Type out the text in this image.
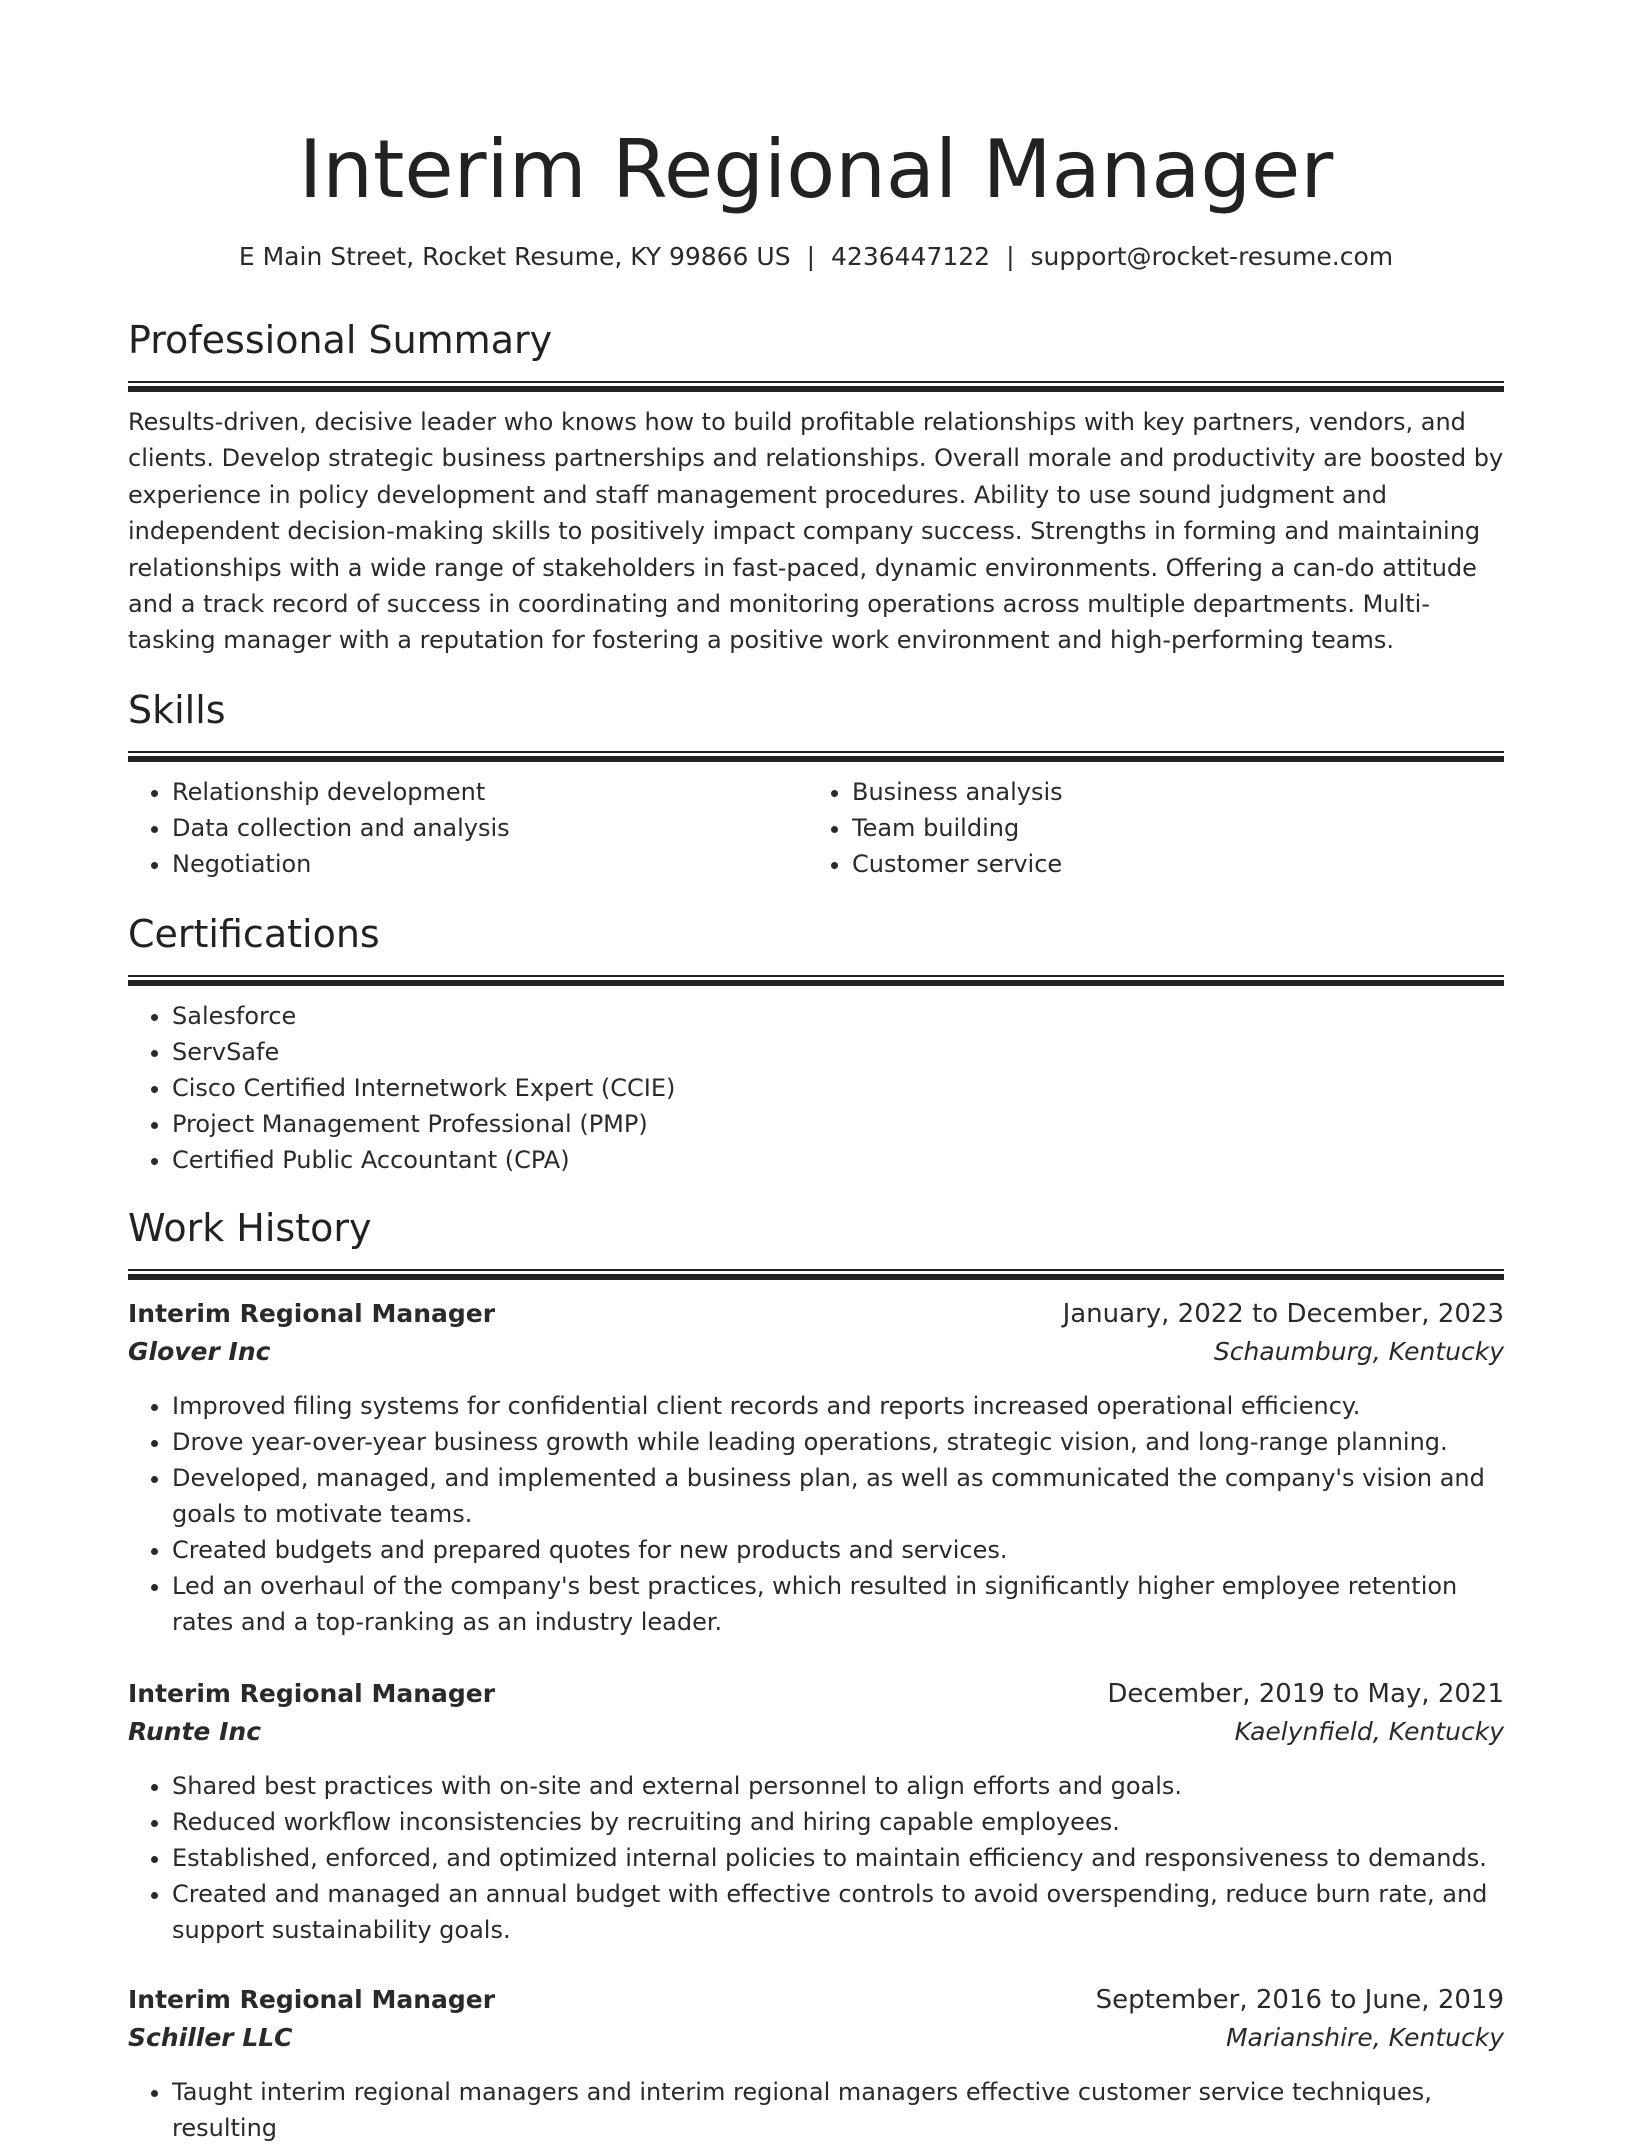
Interim Regional Manager
E Main Street, Rocket Resume, KY 99866 US | 4236447122 | support@rocket-resume.com
Professional Summary

Results-driven, decisive leader who knows how to build profitable relationships with key partners, vendors, and clients. Develop strategic business partnerships and relationships. Overall morale and productivity are boosted by experience in policy development and staff management procedures. Ability to use sound judgment and independent decision-making skills to positively impact company success. Strengths in forming and maintaining relationships with a wide range of stakeholders in fast-paced, dynamic environments. Offering a can-do attitude and a track record of success in coordinating and monitoring operations across multiple departments. Multi-tasking manager with a reputation for fostering a positive work environment and high-performing teams.

Skills
• Relationship development
• Data collection and analysis
• Negotiation
• Business analysis
• Team building
• Customer service
Certifications
• Salesforce
• ServSafe
• Cisco Certified Internetwork Expert (CCIE)
• Project Management Professional (PMP)
• Certified Public Accountant (CPA)
Work History
Interim Regional Manager	January, 2022 to December, 2023
Glover Inc	Schaumburg, Kentucky
• Improved filing systems for confidential client records and reports increased operational efficiency.
• Drove year-over-year business growth while leading operations, strategic vision, and long-range planning.
• Developed, managed, and implemented a business plan, as well as communicated the company's vision and goals to motivate teams.
• Created budgets and prepared quotes for new products and services.
• Led an overhaul of the company's best practices, which resulted in significantly higher employee retention rates and a top-ranking as an industry leader.
Interim Regional Manager	December, 2019 to May, 2021
Runte Inc	Kaelynfield, Kentucky
• Shared best practices with on-site and external personnel to align efforts and goals.
• Reduced workflow inconsistencies by recruiting and hiring capable employees.
• Established, enforced, and optimized internal policies to maintain efficiency and responsiveness to demands.
• Created and managed an annual budget with effective controls to avoid overspending, reduce burn rate, and support sustainability goals.
Interim Regional Manager	September, 2016 to June, 2019
Schiller LLC	Marianshire, Kentucky
• Taught interim regional managers and interim regional managers effective customer service techniques, resulting
